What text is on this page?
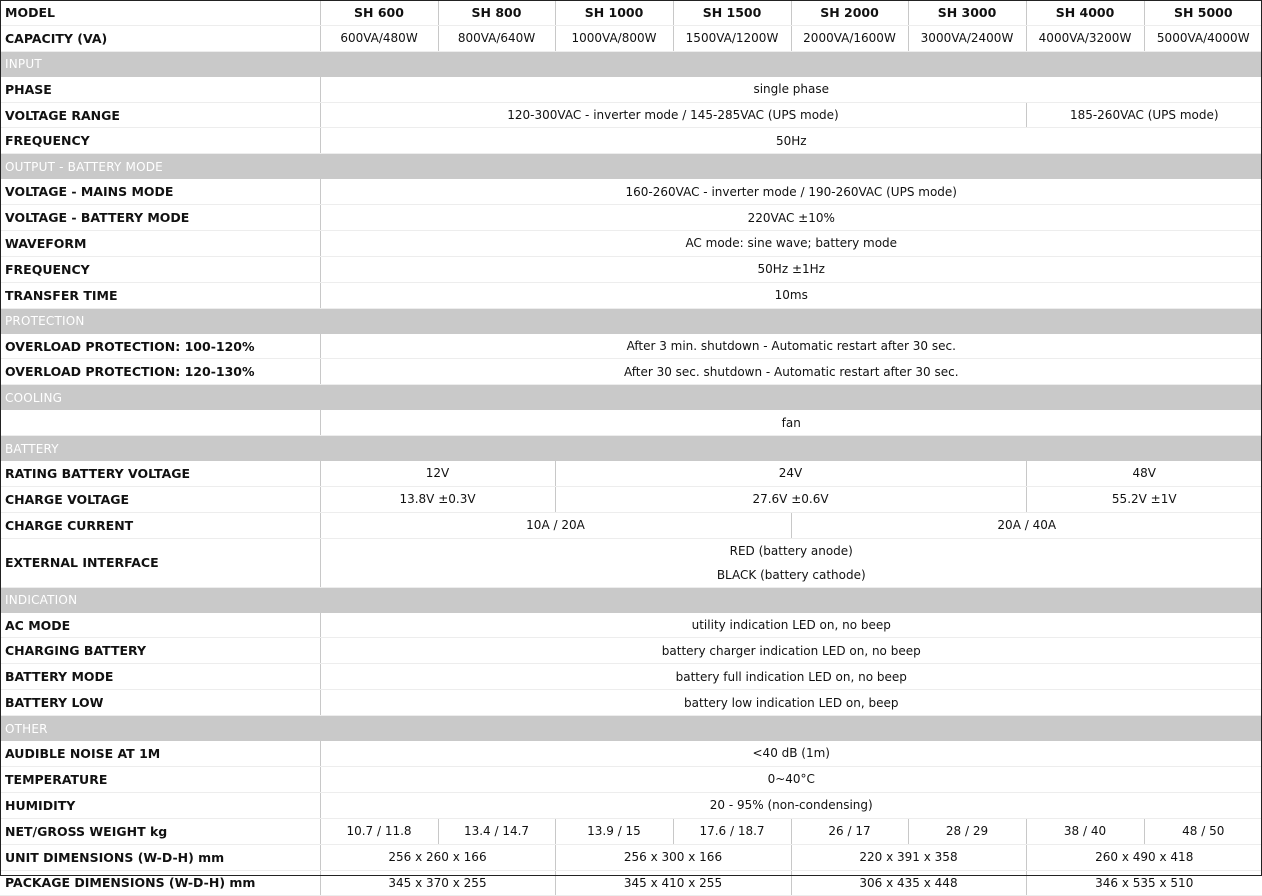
MODEL	SH 600	SH 800	SH 1000	SH 1500	SH 2000	SH 3000	SH 4000	SH 5000
CAPACITY (VA)	600VA/480W	800VA/640W	1000VA/800W	1500VA/1200W	2000VA/1600W	3000VA/2400W	4000VA/3200W	5000VA/4000W
INPUT								
PHASE	single phase							
VOLTAGE RANGE	120-300VAC - inverter mode / 145-285VAC (UPS mode)						185-260VAC (UPS mode)	
FREQUENCY	50Hz							
OUTPUT - BATTERY MODE								
VOLTAGE - MAINS MODE	160-260VAC - inverter mode / 190-260VAC (UPS mode)							
VOLTAGE - BATTERY MODE	220VAC ±10%							
WAVEFORM	AC mode: sine wave; battery mode							
FREQUENCY	50Hz ±1Hz							
TRANSFER TIME	10ms							
PROTECTION								
OVERLOAD PROTECTION: 100-120%	After 3 min. shutdown - Automatic restart after 30 sec.							
OVERLOAD PROTECTION: 120-130%	After 30 sec. shutdown - Automatic restart after 30 sec.							
COOLING								
	fan							
BATTERY								
RATING BATTERY VOLTAGE	12V		24V				48V	
CHARGE VOLTAGE	13.8V ±0.3V		27.6V ±0.6V				55.2V ±1V	
CHARGE CURRENT	10A / 20A				20A / 40A			
EXTERNAL INTERFACE	RED (battery anode)
BLACK (battery cathode)							

INDICATION								
AC MODE	utility indication LED on, no beep							
CHARGING BATTERY	battery charger indication LED on, no beep							
BATTERY MODE	battery full indication LED on, no beep							
BATTERY LOW	battery low indication LED on, beep							
OTHER								
AUDIBLE NOISE AT 1M	<40 dB (1m)							
TEMPERATURE	0~40°C							
HUMIDITY	20 - 95% (non-condensing)							
NET/GROSS WEIGHT kg	10.7 / 11.8	13.4 / 14.7	13.9 / 15	17.6 / 18.7	26 / 17	28 / 29	38 / 40	48 / 50
UNIT DIMENSIONS (W-D-H) mm	256 x 260 x 166		256 x 300 x 166		220 x 391 x 358		260 x 490 x 418	
PACKAGE DIMENSIONS (W-D-H) mm	345 x 370 x 255		345 x 410 x 255		306 x 435 x 448		346 x 535 x 510	
